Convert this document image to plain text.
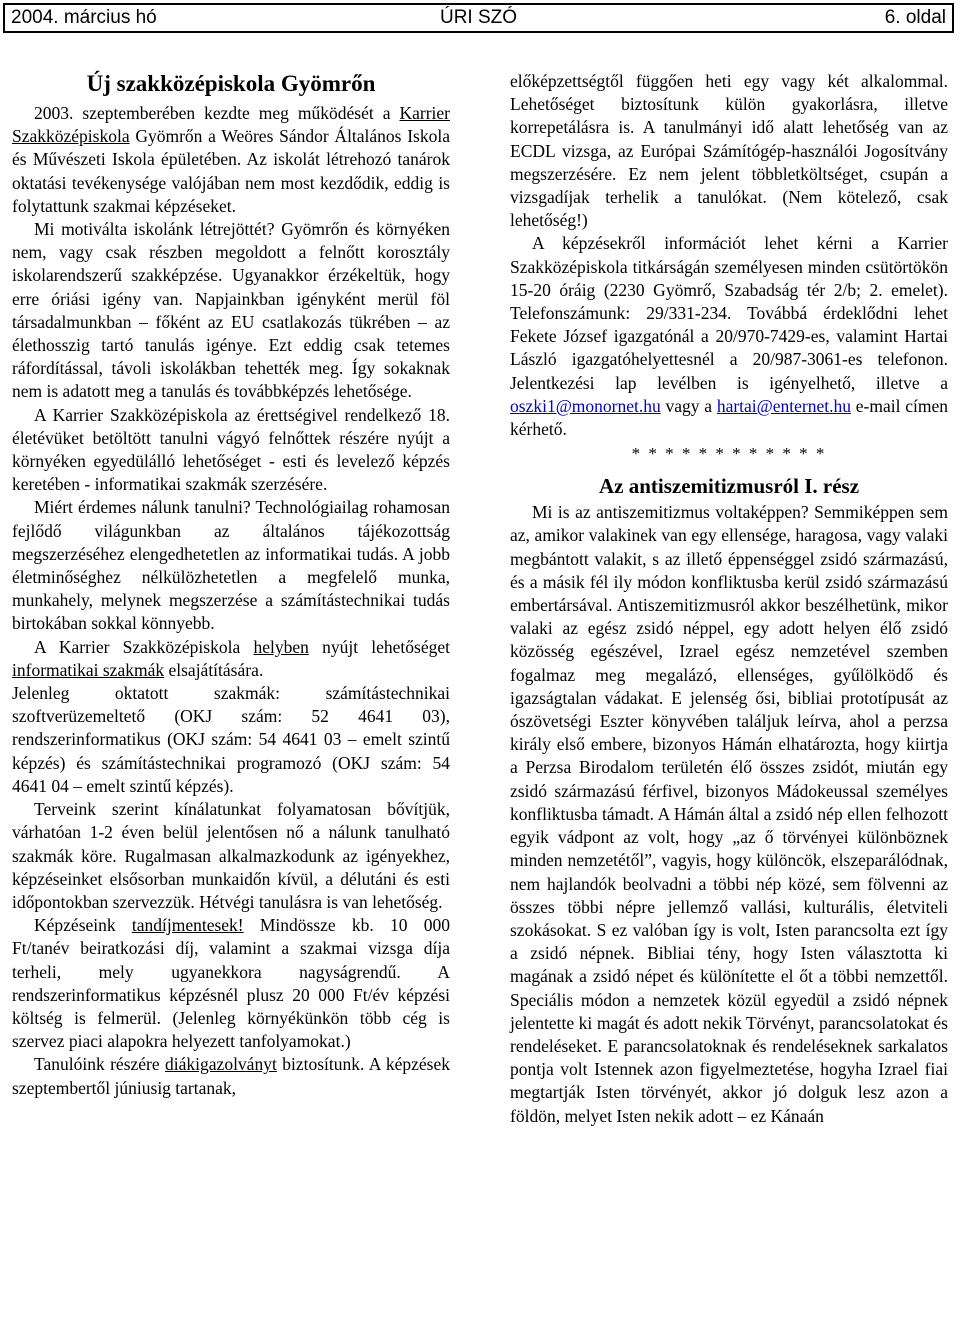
ÚRI SZÓ
2004. március hó	6. oldal
Új szakközépiskola Gyömrőn

2003. szeptemberében kezdte meg működését a Karrier Szakközépiskola Gyömrőn a Weöres Sándor Általános Iskola és Művészeti Iskola épületében. Az iskolát létrehozó tanárok oktatási tevékenysége valójában nem most kezdődik, eddig is folytattunk szakmai képzéseket.

Mi motiválta iskolánk létrejöttét? Gyömrőn és környéken nem, vagy csak részben megoldott a felnőtt korosztály iskolarendszerű szakképzése. Ugyanakkor érzékeltük, hogy erre óriási igény van. Napjainkban igényként merül föl társadalmunkban – főként az EU csatlakozás tükrében – az élethosszig tartó tanulás igénye. Ezt eddig csak tetemes ráfordítással, távoli iskolákban tehették meg. Így sokaknak nem is adatott meg a tanulás és továbbképzés lehetősége.

A Karrier Szakközépiskola az érettségivel rendelkező 18. életévüket betöltött tanulni vágyó felnőttek részére nyújt a környéken egyedülálló lehetőséget - esti és levelező képzés keretében - informatikai szakmák szerzésére.

Miért érdemes nálunk tanulni? Technológiailag rohamosan fejlődő világunkban az általános tájékozottság megszerzéséhez elengedhetetlen az informatikai tudás. A jobb életminőséghez nélkülözhetetlen a megfelelő munka, munkahely, melynek megszerzése a számítástechnikai tudás birtokában sokkal könnyebb.

A Karrier Szakközépiskola helyben nyújt lehetőséget informatikai szakmák elsajátítására.

Jelenleg oktatott szakmák: számítástechnikai szoftverüzemeltető (OKJ szám: 52 4641 03), rendszerinformatikus (OKJ szám: 54 4641 03 – emelt szintű képzés) és számítástechnikai programozó (OKJ szám: 54 4641 04 – emelt szintű képzés).

Terveink szerint kínálatunkat folyamatosan bővítjük, várhatóan 1-2 éven belül jelentősen nő a nálunk tanulható szakmák köre. Rugalmasan alkalmazkodunk az igényekhez, képzéseinket elsősorban munkaidőn kívül, a délutáni és esti időpontokban szervezzük. Hétvégi tanulásra is van lehetőség.

Képzéseink tandíjmentesek! Mindössze kb. 10 000 Ft/tanév beiratkozási díj, valamint a szakmai vizsga díja terheli, mely ugyanekkora nagyságrendű. A rendszerinformatikus képzésnél plusz 20 000 Ft/év képzési költség is felmerül. (Jelenleg környékünkön több cég is szervez piaci alapokra helyezett tanfolyamokat.)

Tanulóink részére diákigazolványt biztosítunk. A képzések szeptembertől júniusig tartanak,

előképzettségtől függően heti egy vagy két alkalommal. Lehetőséget biztosítunk külön gyakorlásra, illetve korrepetálásra is. A tanulmányi idő alatt lehetőség van az ECDL vizsga, az Európai Számítógép-használói Jogosítvány megszerzésére. Ez nem jelent többletköltséget, csupán a vizsgadíjak terhelik a tanulókat. (Nem kötelező, csak lehetőség!)

A képzésekről információt lehet kérni a Karrier Szakközépiskola titkárságán személyesen minden csütörtökön 15-20 óráig (2230 Gyömrő, Szabadság tér 2/b; 2. emelet). Telefonszámunk: 29/331-234. Továbbá érdeklődni lehet Fekete József igazgatónál a 20/970-7429-es, valamint Hartai László igazgatóhelyettesnél a 20/987-3061-es telefonon. Jelentkezési lap levélben is igényelhető, illetve a oszki1@monornet.hu vagy a hartai@enternet.hu e-mail címen kérhető.

* * * * * * * * * * * *
Az antiszemitizmusról I. rész

Mi is az antiszemitizmus voltaképpen? Semmiképpen sem az, amikor valakinek van egy ellensége, haragosa, vagy valaki megbántott valakit, s az illető éppenséggel zsidó származású, és a másik fél ily módon konfliktusba kerül zsidó származású embertársával. Antiszemitizmusról akkor beszélhetünk, mikor valaki az egész zsidó néppel, egy adott helyen élő zsidó közösség egészével, Izrael egész nemzetével szemben fogalmaz meg megalázó, ellenséges, gyűlölködő és igazságtalan vádakat. E jelenség ősi, bibliai prototípusát az ószövetségi Eszter könyvében találjuk leírva, ahol a perzsa király első embere, bizonyos Hámán elhatározta, hogy kiirtja a Perzsa Birodalom területén élő összes zsidót, miután egy zsidó származású férfivel, bizonyos Mádokeussal személyes konfliktusba támadt. A Hámán által a zsidó nép ellen felhozott egyik vádpont az volt, hogy „az ő törvényei különböznek minden nemzetétől”, vagyis, hogy különcök, elszeparálódnak, nem hajlandók beolvadni a többi nép közé, sem fölvenni az összes többi népre jellemző vallási, kulturális, életviteli szokásokat. S ez valóban így is volt, Isten parancsolta ezt így a zsidó népnek. Bibliai tény, hogy Isten választotta ki magának a zsidó népet és különítette el őt a többi nemzettől. Speciális módon a nemzetek közül egyedül a zsidó népnek jelentette ki magát és adott nekik Törvényt, parancsolatokat és rendeléseket. E parancsolatoknak és rendeléseknek sarkalatos pontja volt Istennek azon figyelmeztetése, hogyha Izrael fiai megtartják Isten törvényét, akkor jó dolguk lesz azon a földön, melyet Isten nekik adott – ez Kánaán
